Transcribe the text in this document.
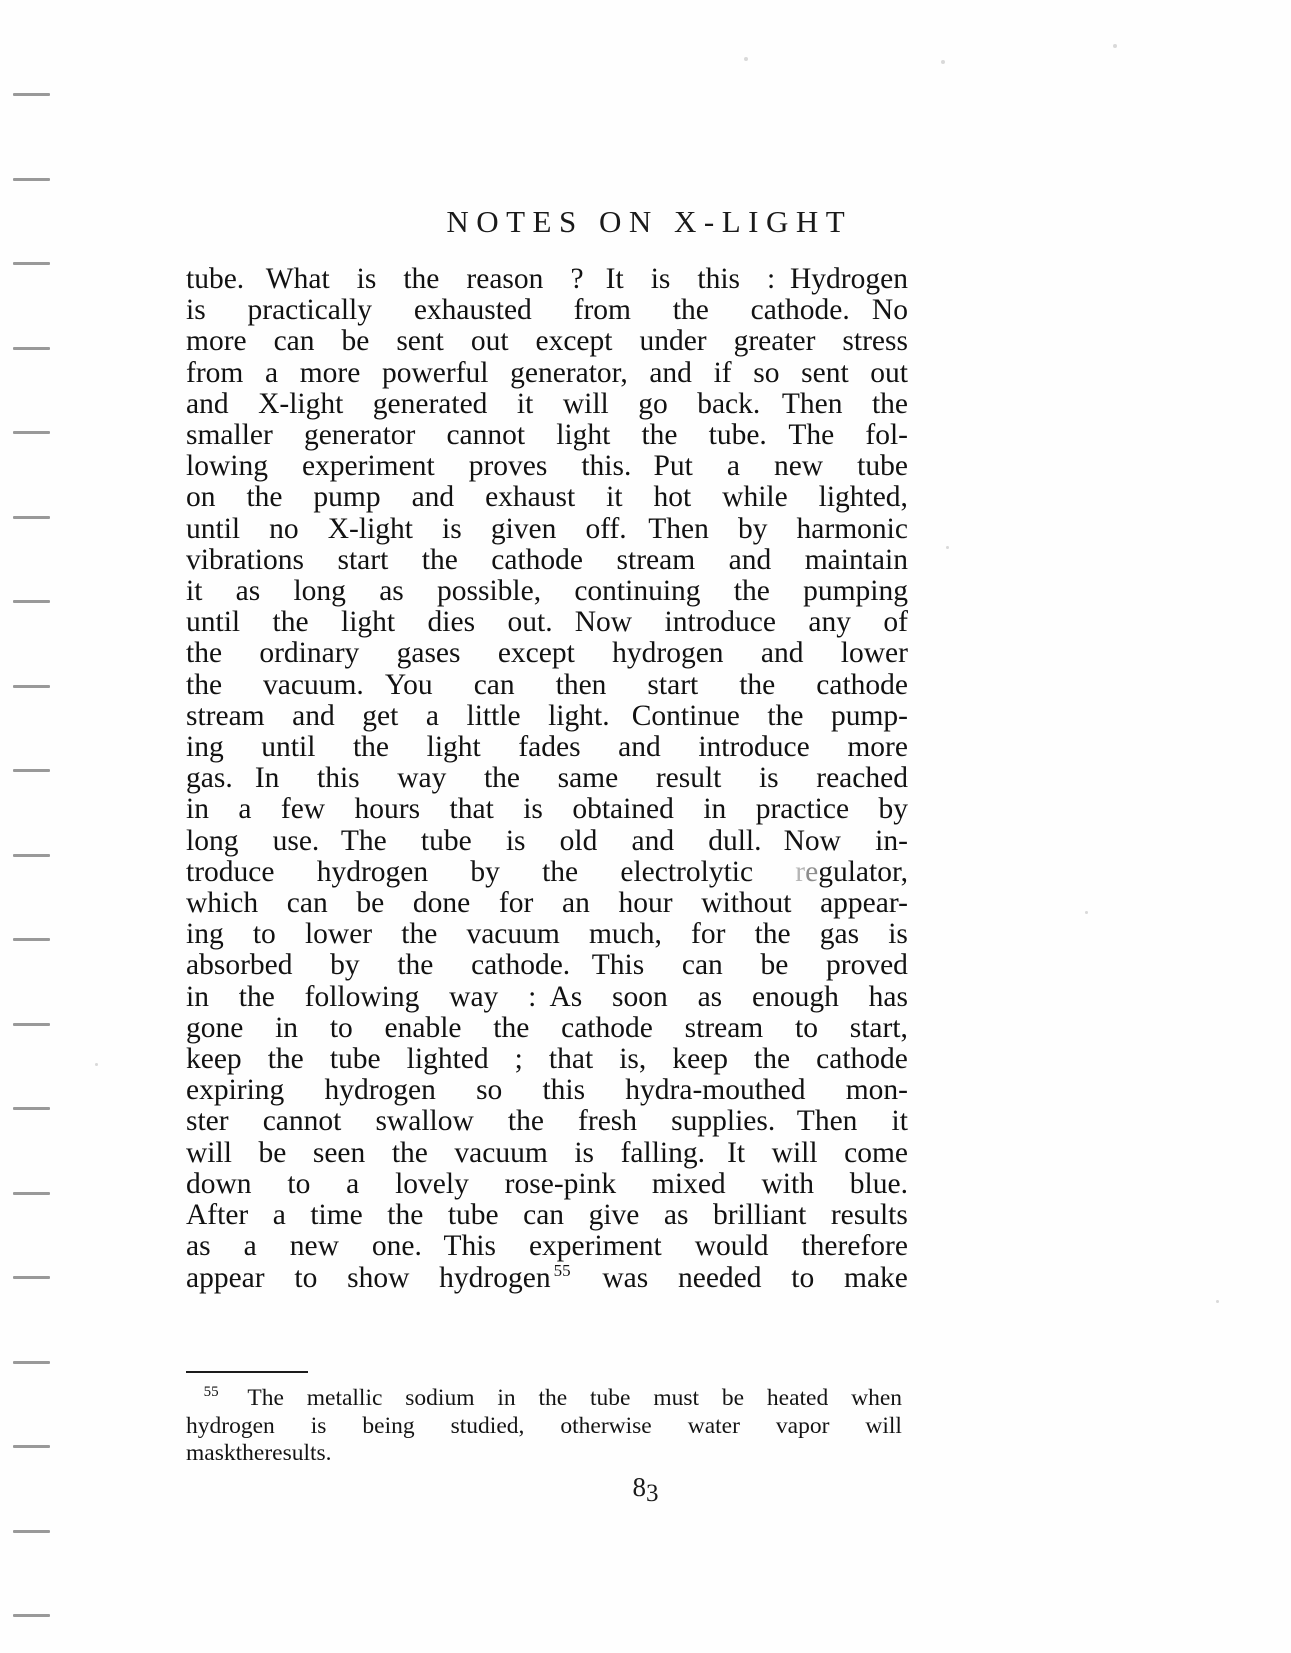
NOTES ON X-LIGHT
tube.   What is the reason ?   It is this :  Hydrogen
is practically exhausted from the cathode.   No
more can be sent out except under greater stress
from a more powerful generator, and if so sent out
and X-light generated it will go back.   Then the
smaller generator cannot light the tube.   The fol-
lowing experiment proves this.   Put a new tube
on the pump and exhaust it hot while lighted,
until no X-light is given off.   Then by harmonic
vibrations start the cathode stream and maintain
it as long as possible, continuing the pumping
until the light dies out.   Now introduce any of
the ordinary gases except hydrogen and lower
the vacuum.   You can then start the cathode
stream and get a little light.   Continue the pump-
ing until the light fades and introduce more
gas.   In this way the same result is reached
in a few hours that is obtained in practice by
long use.   The tube is old and dull.   Now in-
troduce hydrogen by the electrolytic regulator,
which can be done for an hour without appear-
ing to lower the vacuum much, for the gas is
absorbed by the cathode.   This can be proved
in the following way :  As soon as enough has
gone in to enable the cathode stream to start,
keep the tube lighted ; that is, keep the cathode
expiring hydrogen so this hydra-mouthed mon-
ster cannot swallow the fresh supplies.   Then it
will be seen the vacuum is falling.   It will come
down to a lovely rose-pink mixed with blue.
After a time the tube can give as brilliant results
as a new one.   This experiment would therefore
appear to show hydrogen $^{55}$ was needed to make
$^{55}$ The metallic sodium in the tube must be heated when
hydrogen is being studied, otherwise water vapor will
mask the results.
83
